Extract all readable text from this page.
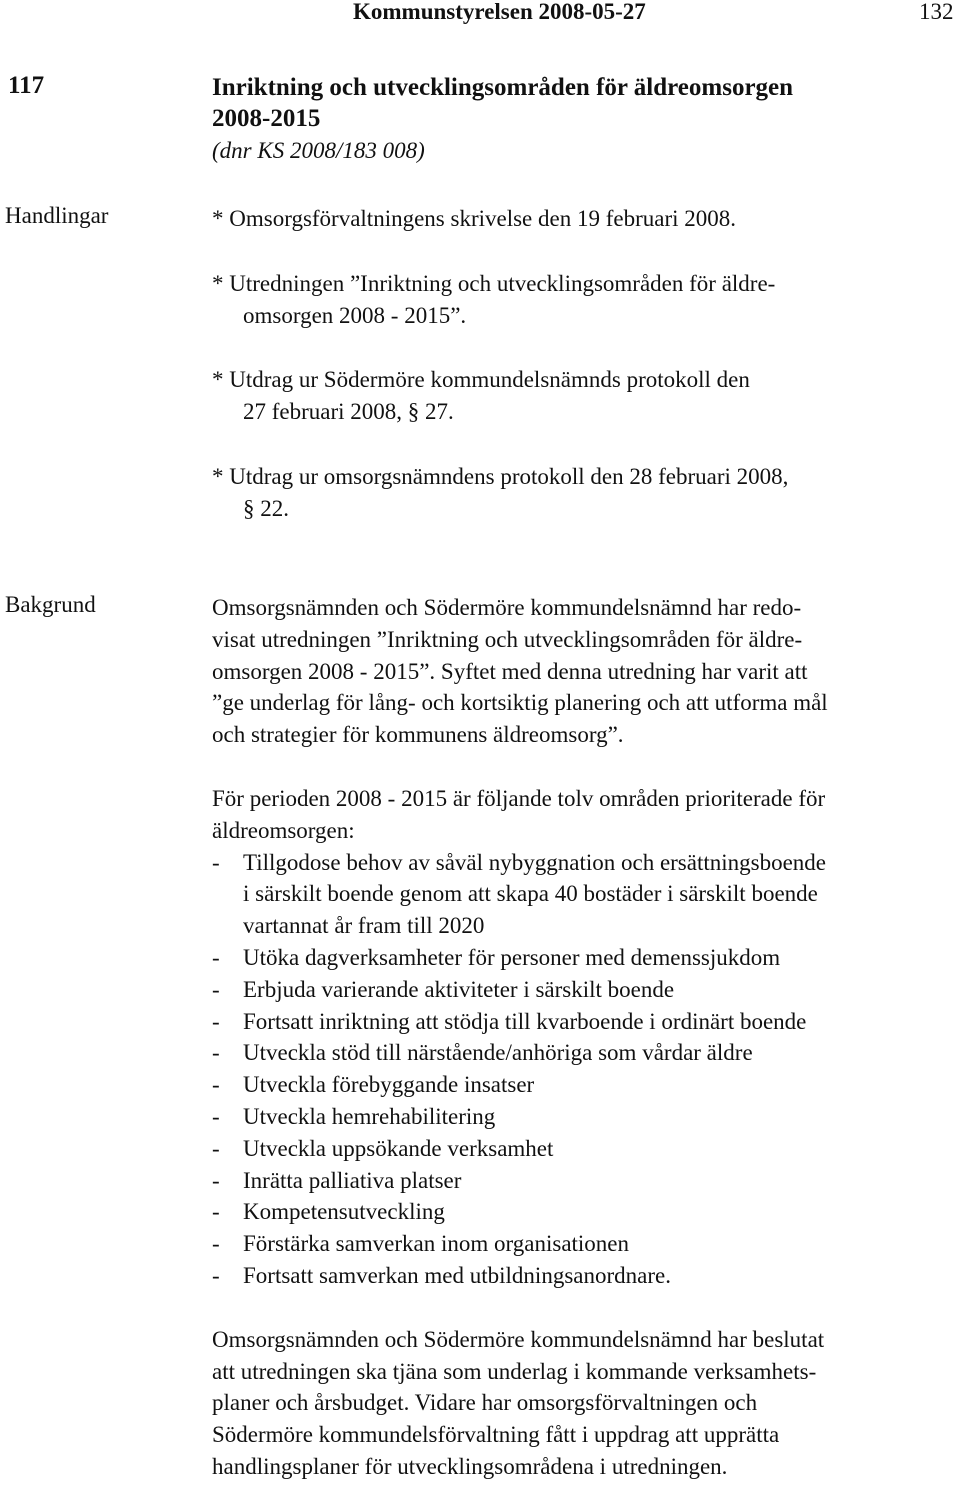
Kommunstyrelsen 2008-05-27	132
117	Inriktning och utvecklingsområden för äldreomsorgen
2008-2015
(dnr KS 2008/183 008)
Handlingar	* Omsorgsförvaltningens skrivelse den 19 februari 2008.
* Utredningen ”Inriktning och utvecklingsområden för äldre-
omsorgen 2008 - 2015”.
* Utdrag ur Södermöre kommundelsnämnds protokoll den
27 februari 2008, § 27.
* Utdrag ur omsorgsnämndens protokoll den 28 februari 2008,
§ 22.
Bakgrund	Omsorgsnämnden och Södermöre kommundelsnämnd har redo-
visat utredningen ”Inriktning och utvecklingsområden för äldre-
omsorgen 2008 - 2015”. Syftet med denna utredning har varit att
”ge underlag för lång- och kortsiktig planering och att utforma mål
och strategier för kommunens äldreomsorg”.

För perioden 2008 - 2015 är följande tolv områden prioriterade för
äldreomsorgen:

- Tillgodose behov av såväl nybyggnation och ersättningsboende
i särskilt boende genom att skapa 40 bostäder i särskilt boende
vartannat år fram till 2020
- Utöka dagverksamheter för personer med demenssjukdom
- Erbjuda varierande aktiviteter i särskilt boende
- Fortsatt inriktning att stödja till kvarboende i ordinärt boende
- Utveckla stöd till närstående/anhöriga som vårdar äldre
- Utveckla förebyggande insatser
- Utveckla hemrehabilitering
- Utveckla uppsökande verksamhet
- Inrätta palliativa platser
- Kompetensutveckling
- Förstärka samverkan inom organisationen
- Fortsatt samverkan med utbildningsanordnare.

Omsorgsnämnden och Södermöre kommundelsnämnd har beslutat
att utredningen ska tjäna som underlag i kommande verksamhets-
planer och årsbudget. Vidare har omsorgsförvaltningen och
Södermöre kommundelsförvaltning fått i uppdrag att upprätta
handlingsplaner för utvecklingsområdena i utredningen.
